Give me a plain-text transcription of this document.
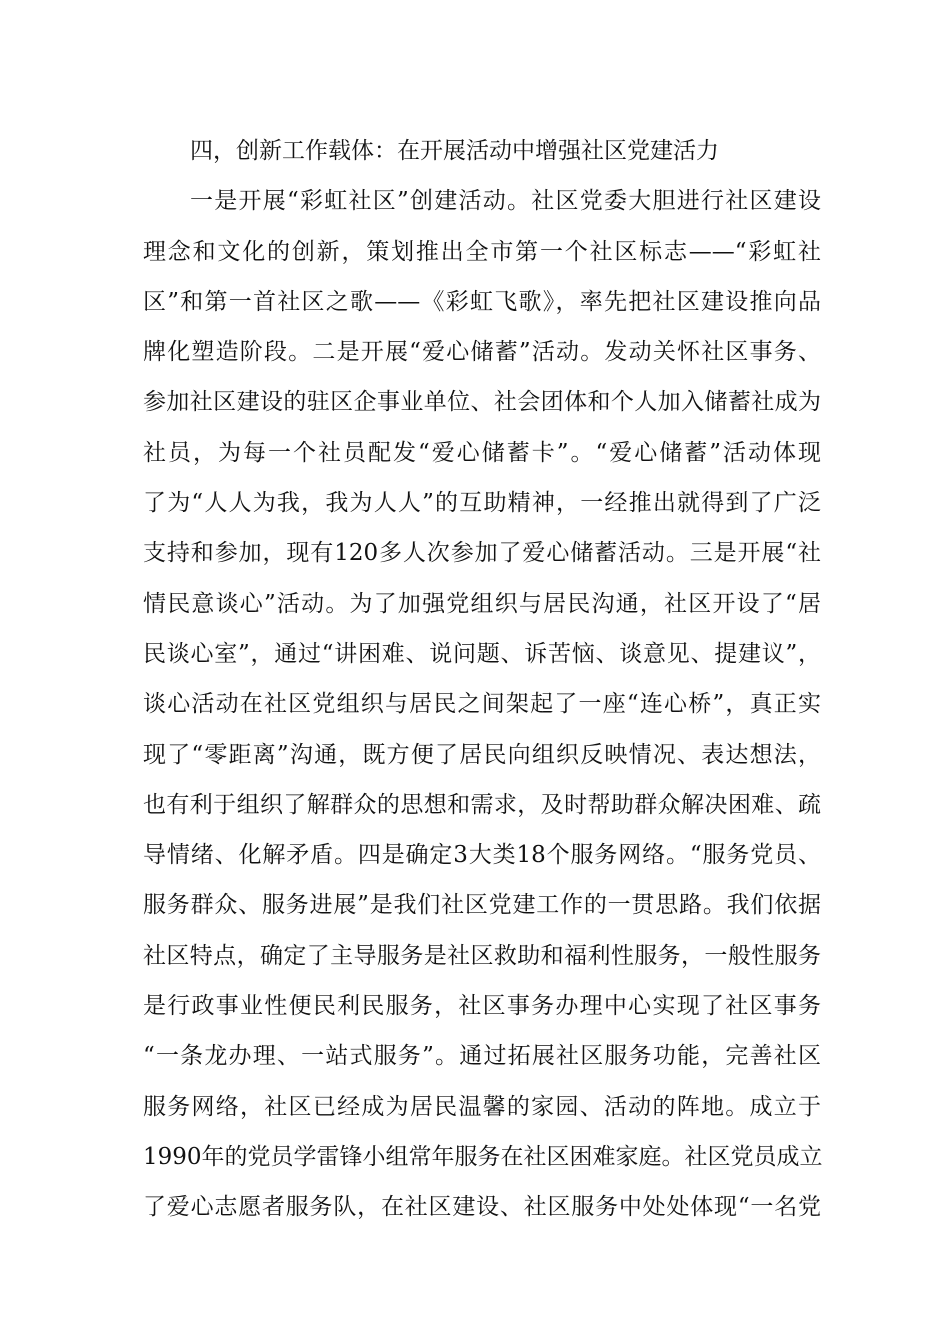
四，创新工作载体：在开展活动中增强社区党建活力
一是开展“彩虹社区”创建活动。社区党委大胆进行社区建设
理念和文化的创新，策划推出全市第一个社区标志——“彩虹社
区”和第一首社区之歌——《彩虹飞歌》，率先把社区建设推向品
牌化塑造阶段。二是开展“爱心储蓄”活动。发动关怀社区事务、
参加社区建设的驻区企事业单位、社会团体和个人加入储蓄社成为
社员，为每一个社员配发“爱心储蓄卡”。“爱心储蓄”活动体现
了为“人人为我，我为人人”的互助精神，一经推出就得到了广泛
支持和参加，现有120多人次参加了爱心储蓄活动。三是开展“社
情民意谈心”活动。为了加强党组织与居民沟通，社区开设了“居
民谈心室”，通过“讲困难、说问题、诉苦恼、谈意见、提建议”，
谈心活动在社区党组织与居民之间架起了一座“连心桥”，真正实
现了“零距离”沟通，既方便了居民向组织反映情况、表达想法，
也有利于组织了解群众的思想和需求，及时帮助群众解决困难、疏
导情绪、化解矛盾。四是确定3大类18个服务网络。“服务党员、
服务群众、服务进展”是我们社区党建工作的一贯思路。我们依据
社区特点，确定了主导服务是社区救助和福利性服务，一般性服务
是行政事业性便民利民服务，社区事务办理中心实现了社区事务
“一条龙办理、一站式服务”。通过拓展社区服务功能，完善社区
服务网络，社区已经成为居民温馨的家园、活动的阵地。成立于
1990年的党员学雷锋小组常年服务在社区困难家庭。社区党员成立
了爱心志愿者服务队，在社区建设、社区服务中处处体现“一名党
